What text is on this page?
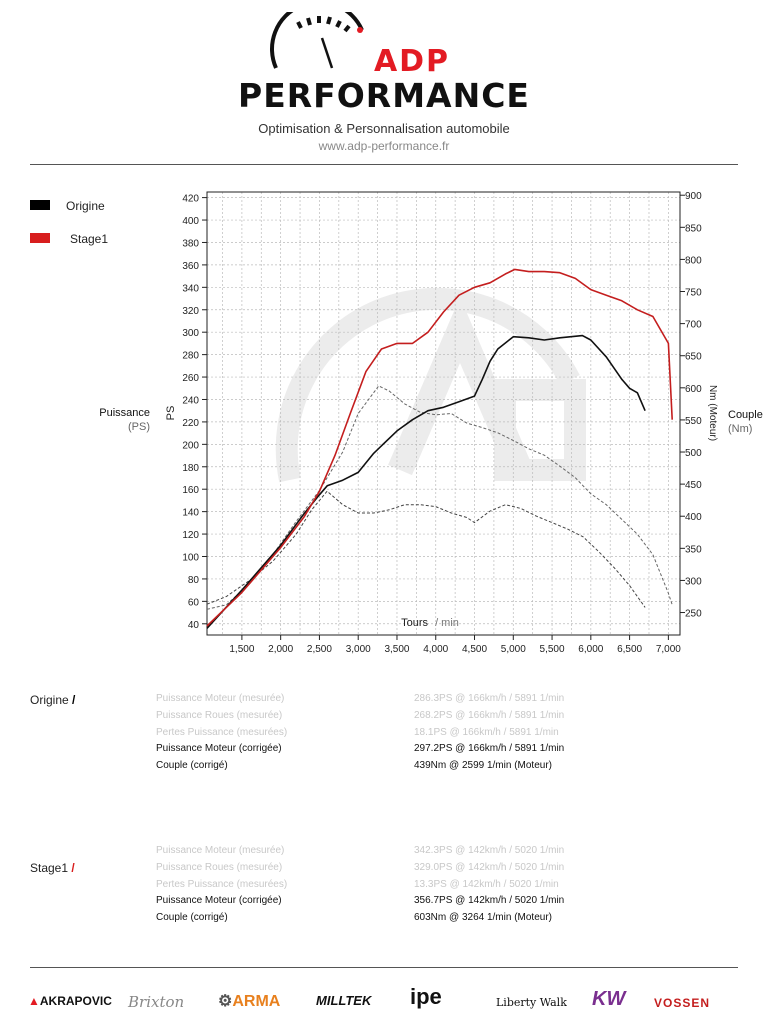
ADP
PERFORMANCE
Optimisation & Personnalisation automobile
www.adp-performance.fr
Origine
Stage1
Puissance
(PS)
Couple
(Nm)
40
60
80
100
120
140
160
180
200
220
240
260
280
300
320
340
360
380
400
420
250
300
350
400
450
500
550
600
650
700
750
800
850
900
1,500 2,000 2,500 3,000 3,500 4,000 4,500 5,000 5,500 6,000 6,500 7,000
PS	Nm (Moteur)
Tours / min
Origine /	Puissance Moteur (mesurée)	286.3PS @ 166km/h / 5891 1/min
Puissance Roues (mesurée)	268.2PS @ 166km/h / 5891 1/min
Pertes Puissance (mesurées)	18.1PS @ 166km/h / 5891 1/min
Puissance Moteur (corrigée)	297.2PS @ 166km/h / 5891 1/min
Couple (corrigé)	439Nm @ 2599 1/min (Moteur)
Stage1 /
Puissance Moteur (mesurée)	342.3PS @ 142km/h / 5020 1/min
Puissance Roues (mesurée)	329.0PS @ 142km/h / 5020 1/min
Pertes Puissance (mesurées)	13.3PS @ 142km/h / 5020 1/min
Puissance Moteur (corrigée)	356.7PS @ 142km/h / 5020 1/min
Couple (corrigé)	603Nm @ 3264 1/min (Moteur)
▲AKRAPOVIC Brixton ⚙ARMA	MILLTEK ipe	Liberty Walk KW VOSSEN
